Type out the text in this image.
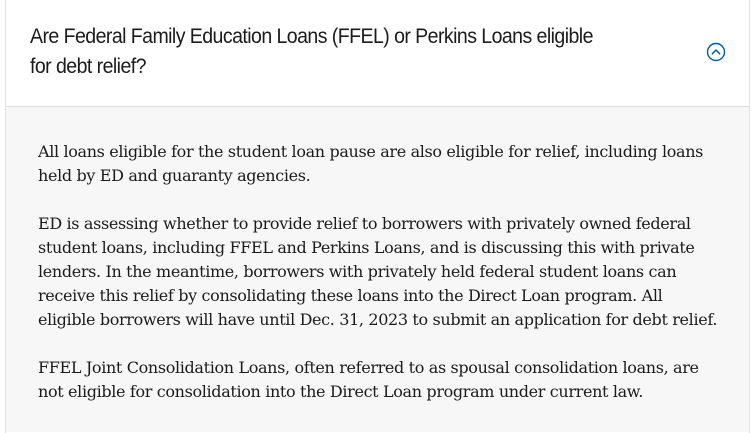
Are Federal Family Education Loans (FFEL) or Perkins Loans eligible for debt relief?

All loans eligible for the student loan pause are also eligible for relief, including loans held by ED and guaranty agencies.

ED is assessing whether to provide relief to borrowers with privately owned federal student loans, including FFEL and Perkins Loans, and is discussing this with private lenders. In the meantime, borrowers with privately held federal student loans can receive this relief by consolidating these loans into the Direct Loan program. All eligible borrowers will have until Dec. 31, 2023 to submit an application for debt relief.

FFEL Joint Consolidation Loans, often referred to as spousal consolidation loans, are not eligible for consolidation into the Direct Loan program under current law.
